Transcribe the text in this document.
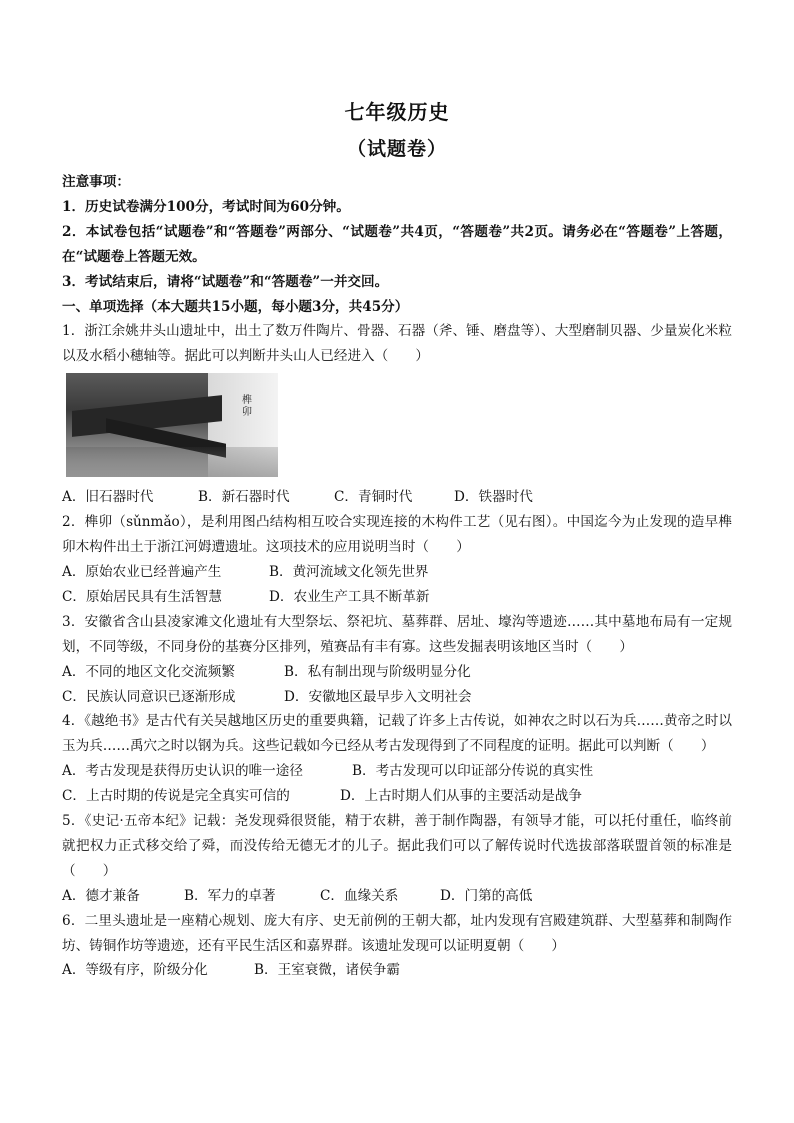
七年级历史
（试题卷）

注意事项：

1．历史试卷满分100分，考试时间为60分钟。

2．本试卷包括“试题卷”和“答题卷”两部分、“试题卷”共4页，“答题卷”共2页。请务必在“答题卷”上答题，在“试题卷上答题无效。

3．考试结束后，请将“试题卷”和“答题卷”一并交回。

一、单项选择（本大题共15小题，每小题3分，共45分）

1．浙江余姚井头山遗址中，出土了数万件陶片、骨器、石器（斧、锤、磨盘等）、大型磨制贝器、少量炭化米粒以及水稻小穗轴等。据此可以判断井头山人已经进入（　　）

榫卯
A．旧石器时代	B．新石器时代	C．青铜时代	D．铁器时代

2．榫卯（sǔnmǎo），是利用图凸结构相互咬合实现连接的木构件工艺（见右图）。中国迄今为止发现的造早榫卯木构件出土于浙江河姆遭遗址。这项技术的应用说明当时（　　）

A．原始农业已经普遍产生	B．黄河流域文化领先世界
C．原始居民具有生活智慧	D．农业生产工具不断革新

3．安徽省含山县凌家滩文化遗址有大型祭坛、祭祀坑、墓葬群、居址、壕沟等遗迹……其中墓地布局有一定规划，不同等级，不同身份的基赛分区排列，殖赛品有丰有寡。这些发掘表明该地区当时（　　）

A．不同的地区文化交流频繁	B．私有制出现与阶级明显分化
C．民族认同意识已逐渐形成	D．安徽地区最早步入文明社会

4．《越绝书》是古代有关吴越地区历史的重要典籍，记载了许多上古传说，如神农之时以石为兵……黄帝之时以玉为兵……禹穴之时以钢为兵。这些记载如今已经从考古发现得到了不同程度的证明。据此可以判断（　　）

A．考古发现是获得历史认识的唯一途径	B．考古发现可以印证部分传说的真实性
C．上古时期的传说是完全真实可信的	D．上古时期人们从事的主要活动是战争

5．《史记·五帝本纪》记载：尧发现舜很贤能，精于农耕，善于制作陶器，有领导才能，可以托付重任，临终前就把权力正式移交给了舜，而没传给无德无才的儿子。据此我们可以了解传说时代选拔部落联盟首领的标准是（　　）

A．德才兼备	B．军力的卓著	C．血缘关系	D．门第的高低

6．二里头遗址是一座精心规划、庞大有序、史无前例的王朝大都，址内发现有宫殿建筑群、大型墓葬和制陶作坊、铸铜作坊等遗迹，还有平民生活区和嘉界群。该遗址发现可以证明夏朝（　　）

A．等级有序，阶级分化	B．王室衰微，诸侯争霸
